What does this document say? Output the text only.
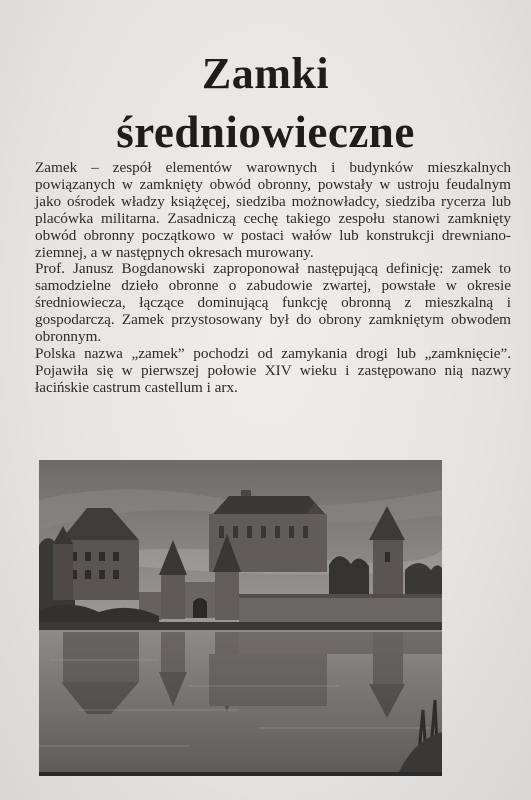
Zamki
średniowieczne

Zamek – zespół elementów warownych i budynków mieszkalnych powiązanych w zamknięty obwód obronny, powstały w ustroju feudalnym jako ośrodek władzy książęcej, siedziba możnowładcy, siedziba rycerza lub placówka militarna. Zasadniczą cechę takiego zespołu stanowi zamknięty obwód obronny początkowo w postaci wałów lub konstrukcji drewniano-ziemnej, a w następnych okresach murowany.

Prof. Janusz Bogdanowski zaproponował następującą definicję: zamek to samodzielne dzieło obronne o zabudowie zwartej, powstałe w okresie średniowiecza, łączące dominującą funkcję obronną z mieszkalną i gospodarczą. Zamek przystosowany był do obrony zamkniętym obwodem obronnym.

Polska nazwa „zamek” pochodzi od zamykania drogi lub „zamknięcie”. Pojawiła się w pierwszej połowie XIV wieku i zastępowano nią nazwy łacińskie castrum castellum i arx.
